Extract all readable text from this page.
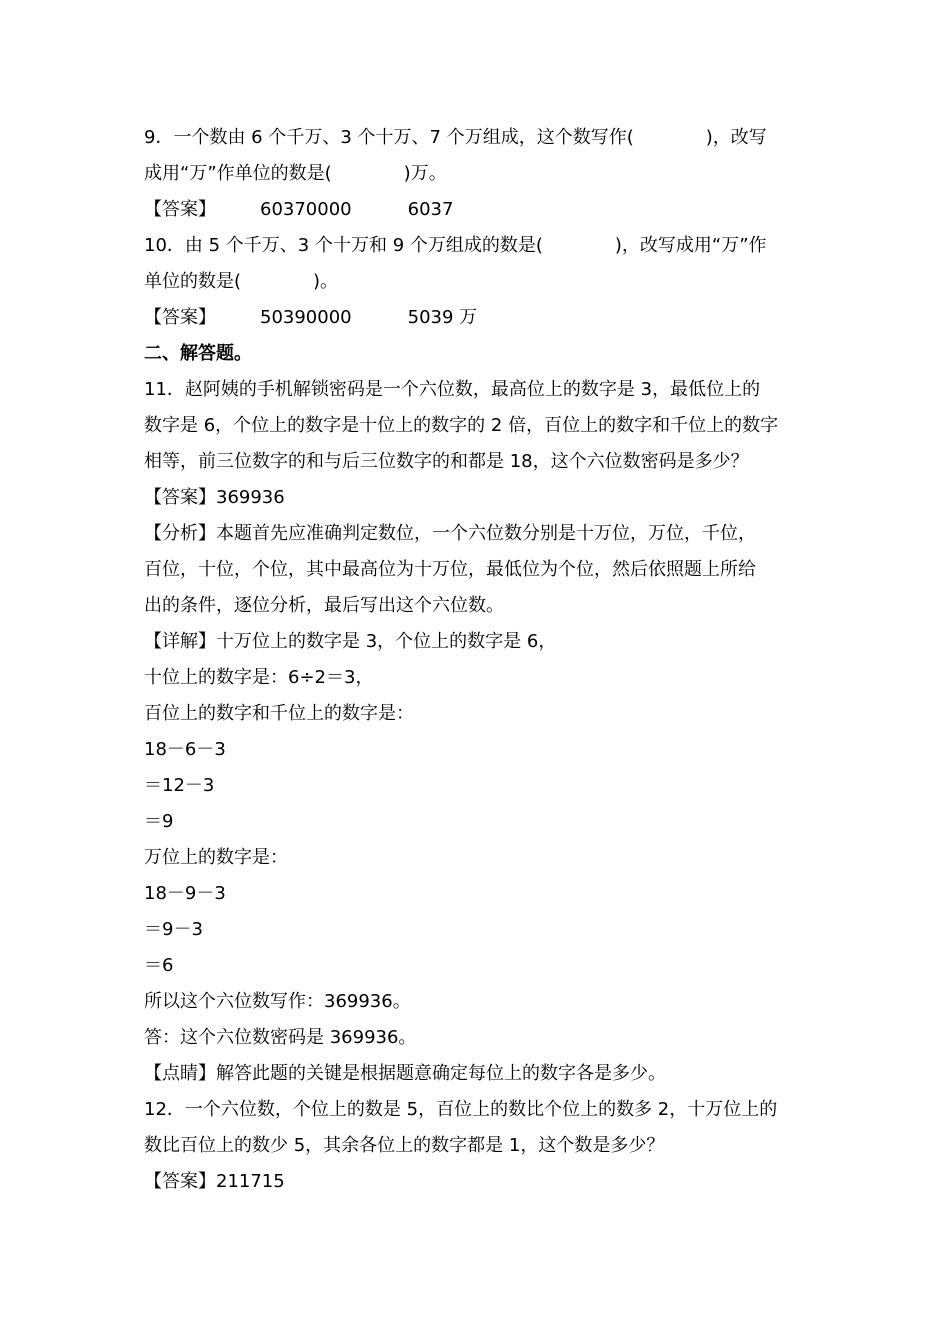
9．一个数由 6 个千万、3 个十万、7 个万组成，这个数写作(　　　　)，改写
成用“万”作单位的数是(　　　　)万。
【答案】 60370000	6037
10．由 5 个千万、3 个十万和 9 个万组成的数是(　　　　)，改写成用“万”作
单位的数是(　　　　)。
【答案】 50390000	5039 万
二、解答题。
11．赵阿姨的手机解锁密码是一个六位数，最高位上的数字是 3，最低位上的
数字是 6，个位上的数字是十位上的数字的 2 倍，百位上的数字和千位上的数字
相等，前三位数字的和与后三位数字的和都是 18，这个六位数密码是多少？
【答案】369936
【分析】本题首先应准确判定数位，一个六位数分别是十万位，万位，千位，
百位，十位，个位，其中最高位为十万位，最低位为个位，然后依照题上所给
出的条件，逐位分析，最后写出这个六位数。
【详解】十万位上的数字是 3，个位上的数字是 6，
十位上的数字是：6÷2＝3，
百位上的数字和千位上的数字是：
18－6－3
＝12－3
＝9
万位上的数字是：
18－9－3
＝9－3
＝6
所以这个六位数写作：369936。
答：这个六位数密码是 369936。
【点睛】解答此题的关键是根据题意确定每位上的数字各是多少。
12．一个六位数，个位上的数是 5，百位上的数比个位上的数多 2，十万位上的
数比百位上的数少 5，其余各位上的数字都是 1，这个数是多少？
【答案】211715
